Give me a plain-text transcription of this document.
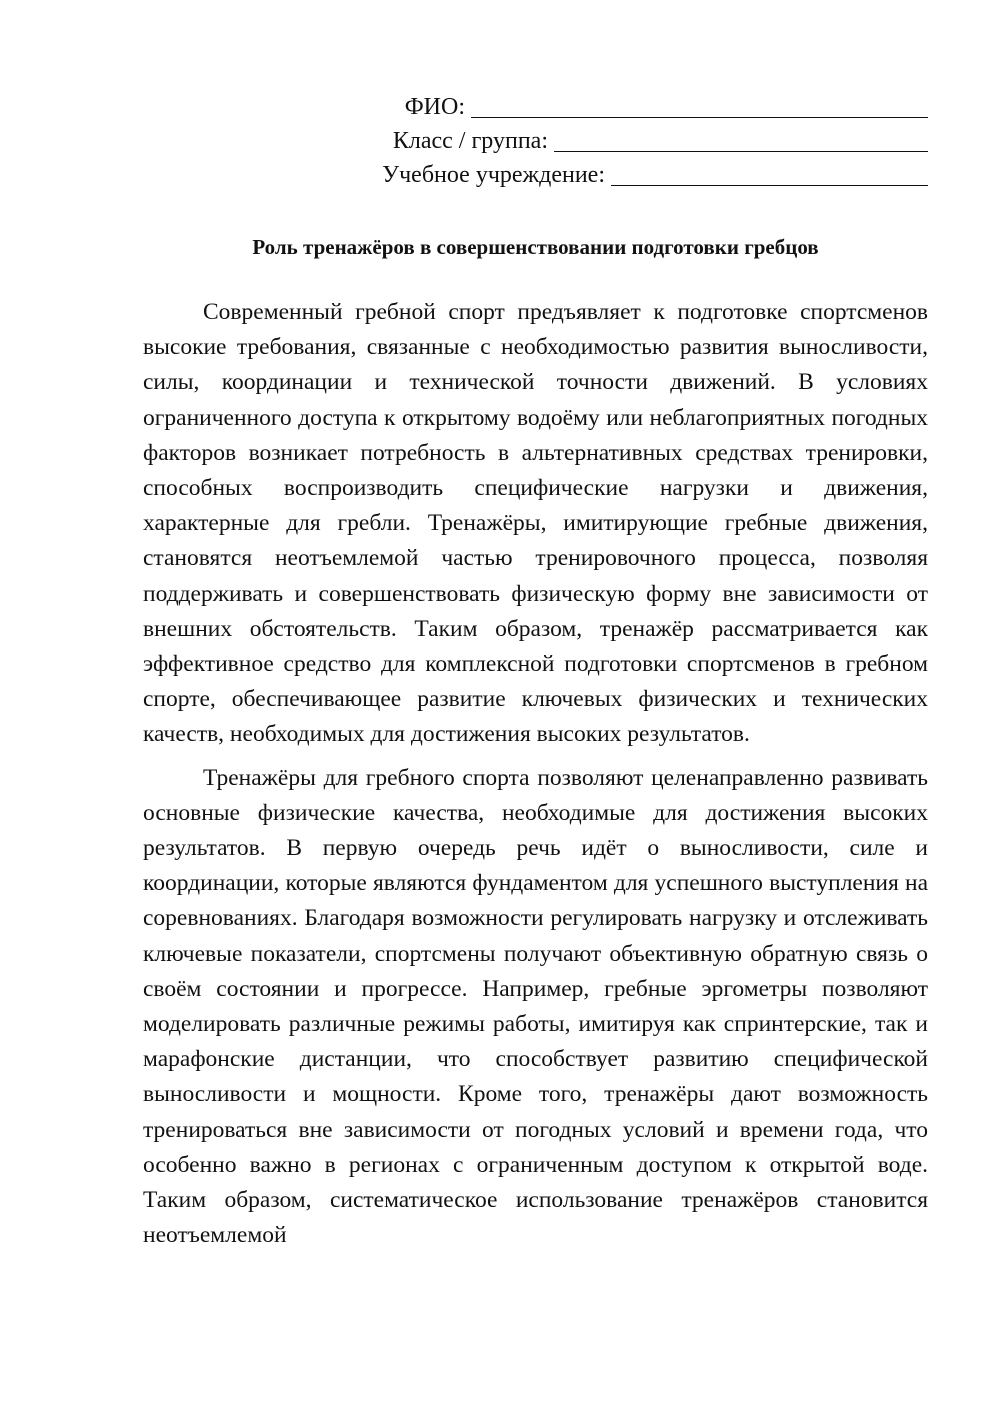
ФИО:
Класс / группа:
Учебное учреждение:
Роль тренажёров в совершенствовании подготовки гребцов

Современный гребной спорт предъявляет к подготовке спортсменов высокие требования, связанные с необходимостью развития выносливости, силы, координации и технической точности движений. В условиях ограниченного доступа к открытому водоёму или неблагоприятных погодных факторов возникает потребность в альтернативных средствах тренировки, способных воспроизводить специфические нагрузки и движения, характерные для гребли. Тренажёры, имитирующие гребные движения, становятся неотъемлемой частью тренировочного процесса, позволяя поддерживать и совершенствовать физическую форму вне зависимости от внешних обстоятельств. Таким образом, тренажёр рассматривается как эффективное средство для комплексной подготовки спортсменов в гребном спорте, обеспечивающее развитие ключевых физических и технических качеств, необходимых для достижения высоких результатов.

Тренажёры для гребного спорта позволяют целенаправленно развивать основные физические качества, необходимые для достижения высоких результатов. В первую очередь речь идёт о выносливости, силе и координации, которые являются фундаментом для успешного выступления на соревнованиях. Благодаря возможности регулировать нагрузку и отслеживать ключевые показатели, спортсмены получают объективную обратную связь о своём состоянии и прогрессе. Например, гребные эргометры позволяют моделировать различные режимы работы, имитируя как спринтерские, так и марафонские дистанции, что способствует развитию специфической выносливости и мощности. Кроме того, тренажёры дают возможность тренироваться вне зависимости от погодных условий и времени года, что особенно важно в регионах с ограниченным доступом к открытой воде. Таким образом, систематическое использование тренажёров становится неотъемлемой
